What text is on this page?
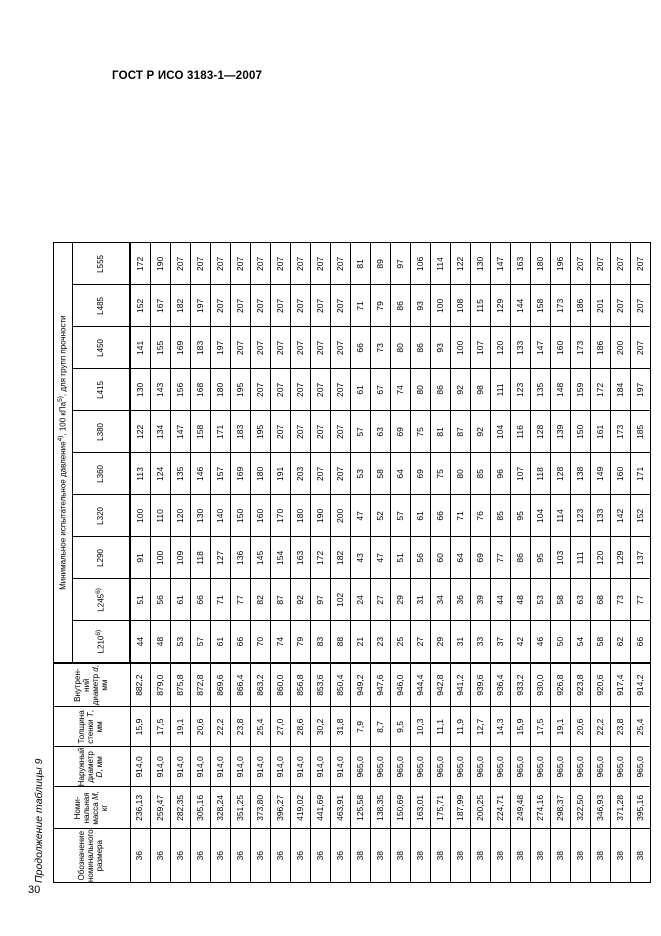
ГОСТ Р ИСО 3183-1—2007
30
Продолжение таблицы 9	Обозначение номинального размера	Номинальная масса M, кг	Наружный диаметр D, мм	Толщина стенки T, мм	Внутренний диаметр d, мм	Минимальное испытательное давление$^{4)}$, 100 кПа$^{5)}$, для групп прочности									
					L210$^{6)}$	L245$^{6)}$	L290	L320	L360	L380	L415	L450	L485	L555
36	236,13	914,0	15,9	882,2	44	51	91	100	113	122	130	141	152	172
36	259,47	914,0	17,5	879,0	48	56	100	110	124	134	143	155	167	190
36	282,35	914,0	19,1	875,8	53	61	109	120	135	147	156	169	182	207
36	305,16	914,0	20,6	872,8	57	66	118	130	146	158	168	183	197	207
36	328,24	914,0	22,2	869,6	61	71	127	140	157	171	180	197	207	207
36	351,25	914,0	23,8	866,4	66	77	136	150	169	183	195	207	207	207
36	373,80	914,0	25,4	863,2	70	82	145	160	180	195	207	207	207	207
36	396,27	914,0	27,0	860,0	74	87	154	170	191	207	207	207	207	207
36	419,02	914,0	28,6	856,8	79	92	163	180	203	207	207	207	207	207
36	441,69	914,0	30,2	853,6	83	97	172	190	207	207	207	207	207	207
36	463,91	914,0	31,8	850,4	88	102	182	200	207	207	207	207	207	207
38	125,58	965,0	7,9	949,2	21	24	43	47	53	57	61	66	71	81
38	138,35	965,0	8,7	947,6	23	27	47	52	58	63	67	73	79	89
38	150,69	965,0	9,5	946,0	25	29	51	57	64	69	74	80	86	97
38	163,01	965,0	10,3	944,4	27	31	56	61	69	75	80	86	93	106
38	175,71	965,0	11,1	942,8	29	34	60	66	75	81	86	93	100	114
38	187,99	965,0	11,9	941,2	31	36	64	71	80	87	92	100	108	122
38	200,25	965,0	12,7	939,6	33	39	69	76	85	92	98	107	115	130
38	224,71	965,0	14,3	936,4	37	44	77	85	96	104	111	120	129	147
38	249,48	965,0	15,9	933,2	42	48	86	95	107	116	123	133	144	163
38	274,16	965,0	17,5	930,0	46	53	95	104	118	128	135	147	158	180
38	298,37	965,0	19,1	926,8	50	58	103	114	128	139	148	160	173	196
38	322,50	965,0	20,6	923,8	54	63	111	123	138	150	159	173	186	207
38	346,93	965,0	22,2	920,6	58	68	120	133	149	161	172	186	201	207
38	371,28	965,0	23,8	917,4	62	73	129	142	160	173	184	200	207	207
38	395,16	965,0	25,4	914,2	66	77	137	152	171	185	197	207	207	207
